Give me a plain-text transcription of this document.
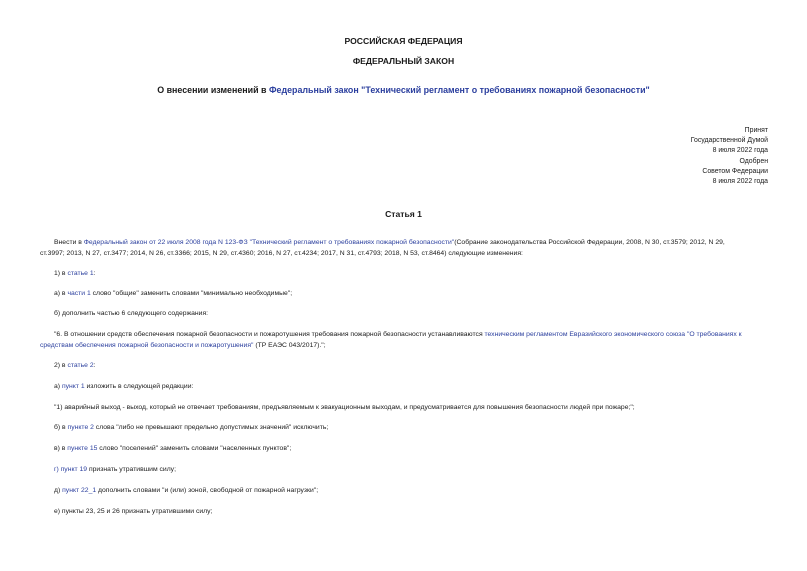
РОССИЙСКАЯ ФЕДЕРАЦИЯ
ФЕДЕРАЛЬНЫЙ ЗАКОН
О внесении изменений в Федеральный закон "Технический регламент о требованиях пожарной безопасности"
Принят
Государственной Думой
8 июля 2022 года
Одобрен
Советом Федерации
8 июля 2022 года
Статья 1
Внести в Федеральный закон от 22 июля 2008 года N 123-ФЗ "Технический регламент о требованиях пожарной безопасности"(Собрание законодательства Российской Федерации, 2008, N 30, ст.3579; 2012, N 29,
ст.3997; 2013, N 27, ст.3477; 2014, N 26, ст.3366; 2015, N 29, ст.4360; 2016, N 27, ст.4234; 2017, N 31, ст.4793; 2018, N 53, ст.8464) следующие изменения:
1) в статье 1:
а) в части 1 слово "общие" заменить словами "минимально необходимые";
б) дополнить частью 6 следующего содержания:
"6. В отношении средств обеспечения пожарной безопасности и пожаротушения требования пожарной безопасности устанавливаются техническим регламентом Евразийского экономического союза "О требованиях к средствам обеспечения пожарной безопасности и пожаротушения" (ТР ЕАЭС 043/2017).";
2) в статье 2:
а) пункт 1 изложить в следующей редакции:
"1) аварийный выход - выход, который не отвечает требованиям, предъявляемым к эвакуационным выходам, и предусматривается для повышения безопасности людей при пожаре;";
б) в пункте 2 слова "либо не превышают предельно допустимых значений" исключить;
в) в пункте 15 слово "поселений" заменить словами "населенных пунктов";
г) пункт 19 признать утратившим силу;
д) пункт 22_1 дополнить словами "и (или) зоной, свободной от пожарной нагрузки";
е) пункты 23, 25 и 26 признать утратившими силу;
